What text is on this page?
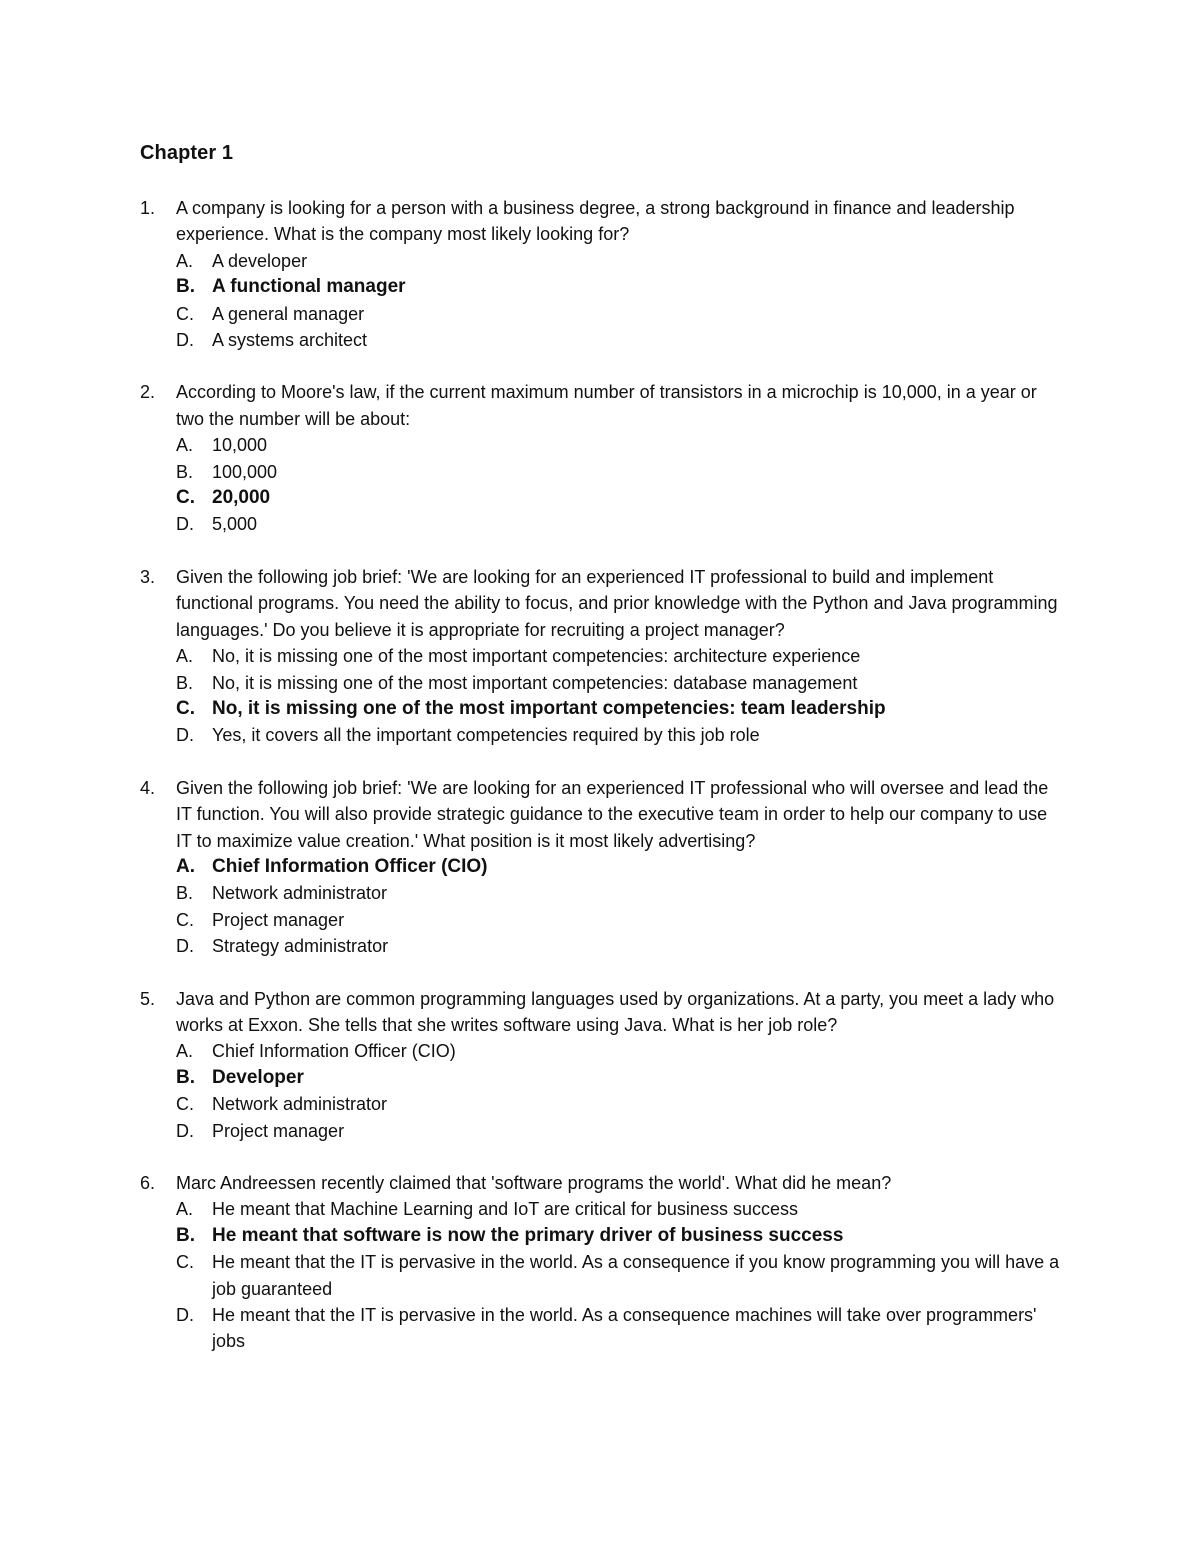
Chapter 1
1.	A company is looking for a person with a business degree, a strong background in finance and leadership experience. What is the company most likely looking for?
A.	A developer
B. A functional manager
C.	A general manager
D.	A systems architect
2.	According to Moore's law, if the current maximum number of transistors in a microchip is 10,000, in a year or two the number will be about:
A.	10,000
B.	100,000
C. 20,000
D.	5,000
3.	Given the following job brief: 'We are looking for an experienced IT professional to build and implement functional programs. You need the ability to focus, and prior knowledge with the Python and Java programming languages.' Do you believe it is appropriate for recruiting a project manager?
A.	No, it is missing one of the most important competencies: architecture experience
B.	No, it is missing one of the most important competencies: database management
C. No, it is missing one of the most important competencies: team leadership
D.	Yes, it covers all the important competencies required by this job role
4.	Given the following job brief: 'We are looking for an experienced IT professional who will oversee and lead the IT function. You will also provide strategic guidance to the executive team in order to help our company to use IT to maximize value creation.' What position is it most likely advertising?
A. Chief Information Officer (CIO)
B.	Network administrator
C.	Project manager
D.	Strategy administrator
5.	Java and Python are common programming languages used by organizations. At a party, you meet a lady who works at Exxon. She tells that she writes software using Java. What is her job role?
A.	Chief Information Officer (CIO)
B. Developer
C.	Network administrator
D.	Project manager
6.	Marc Andreessen recently claimed that 'software programs the world'. What did he mean?
A.	He meant that Machine Learning and IoT are critical for business success
B. He meant that software is now the primary driver of business success
C.	He meant that the IT is pervasive in the world. As a consequence if you know programming you will have a job guaranteed
D.	He meant that the IT is pervasive in the world. As a consequence machines will take over programmers' jobs
